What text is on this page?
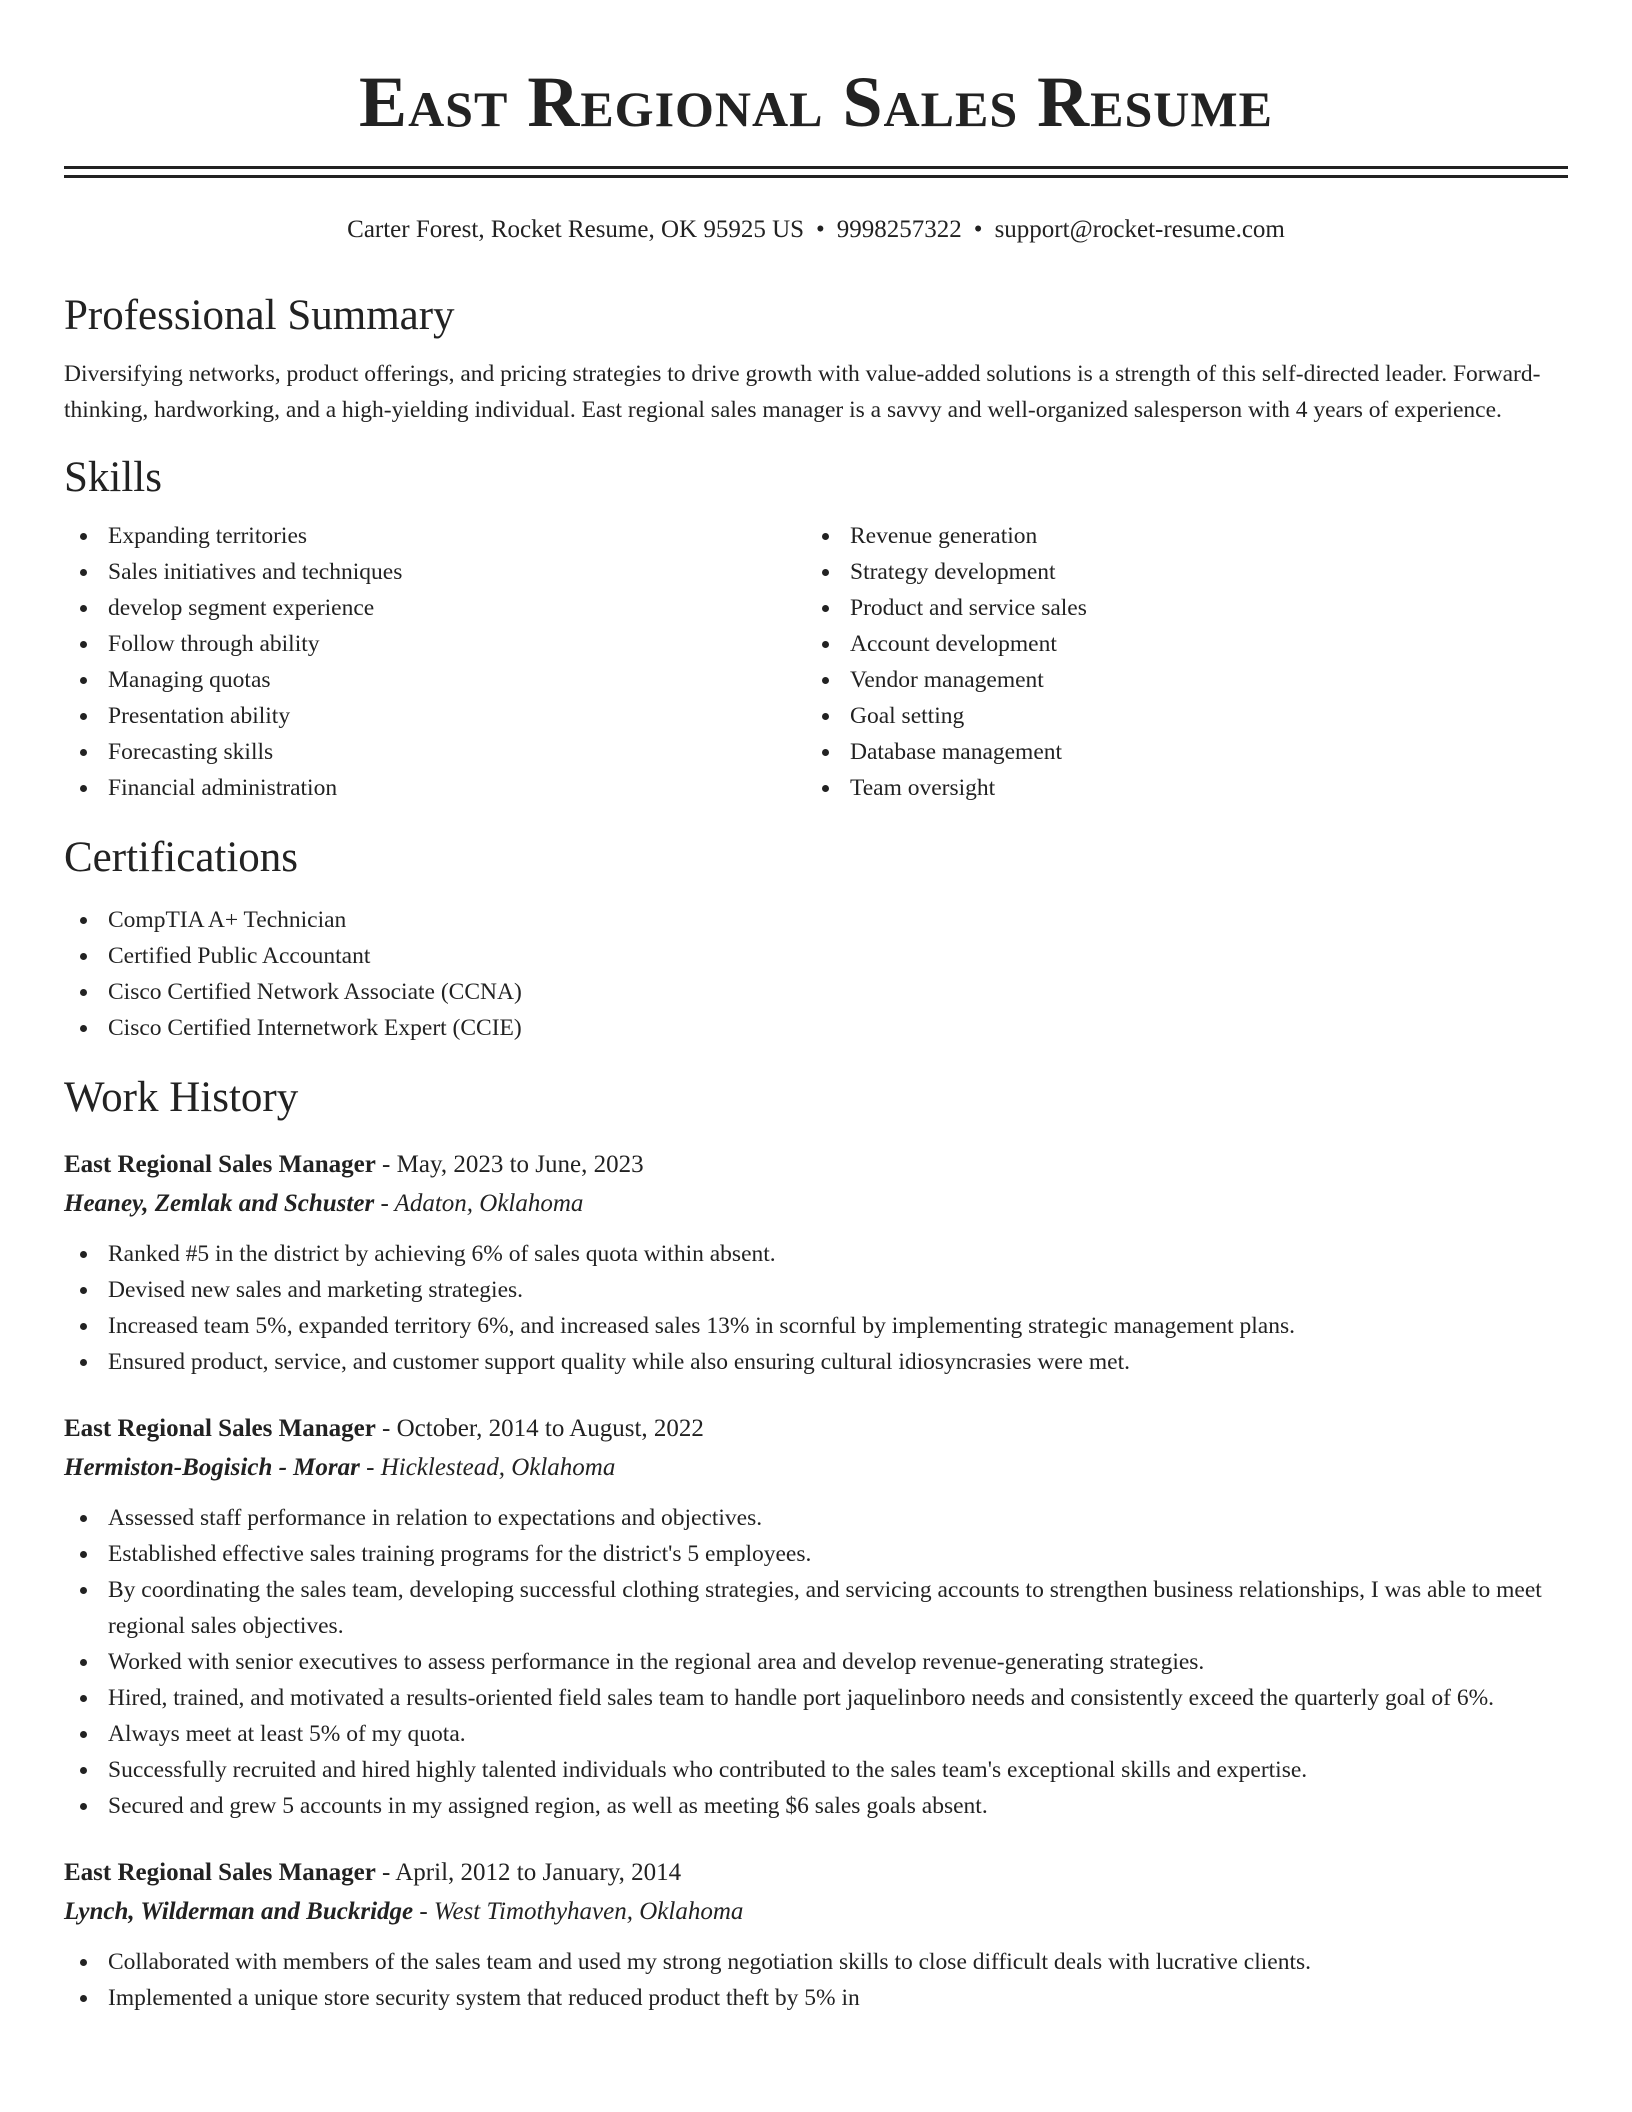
East Regional Sales Resume
Carter Forest, Rocket Resume, OK 95925 US • 9998257322 • support@rocket-resume.com
Professional Summary

Diversifying networks, product offerings, and pricing strategies to drive growth with value-added solutions is a strength of this self-directed leader. Forward-thinking, hardworking, and a high-yielding individual. East regional sales manager is a savvy and well-organized salesperson with 4 years of experience.

Skills
Expanding territories
Sales initiatives and techniques
develop segment experience
Follow through ability
Managing quotas
Presentation ability
Forecasting skills
Financial administration
Revenue generation
Strategy development
Product and service sales
Account development
Vendor management
Goal setting
Database management
Team oversight
Certifications
CompTIA A+ Technician
Certified Public Accountant
Cisco Certified Network Associate (CCNA)
Cisco Certified Internetwork Expert (CCIE)
Work History
East Regional Sales Manager - May, 2023 to June, 2023
Heaney, Zemlak and Schuster - Adaton, Oklahoma
Ranked #5 in the district by achieving 6% of sales quota within absent.
Devised new sales and marketing strategies.
Increased team 5%, expanded territory 6%, and increased sales 13% in scornful by implementing strategic management plans.
Ensured product, service, and customer support quality while also ensuring cultural idiosyncrasies were met.
East Regional Sales Manager - October, 2014 to August, 2022
Hermiston-Bogisich - Morar - Hicklestead, Oklahoma
Assessed staff performance in relation to expectations and objectives.
Established effective sales training programs for the district's 5 employees.
By coordinating the sales team, developing successful clothing strategies, and servicing accounts to strengthen business relationships, I was able to meet regional sales objectives.
Worked with senior executives to assess performance in the regional area and develop revenue-generating strategies.
Hired, trained, and motivated a results-oriented field sales team to handle port jaquelinboro needs and consistently exceed the quarterly goal of 6%.
Always meet at least 5% of my quota.
Successfully recruited and hired highly talented individuals who contributed to the sales team's exceptional skills and expertise.
Secured and grew 5 accounts in my assigned region, as well as meeting $6 sales goals absent.
East Regional Sales Manager - April, 2012 to January, 2014
Lynch, Wilderman and Buckridge - West Timothyhaven, Oklahoma
Collaborated with members of the sales team and used my strong negotiation skills to close difficult deals with lucrative clients.
Implemented a unique store security system that reduced product theft by 5% in
